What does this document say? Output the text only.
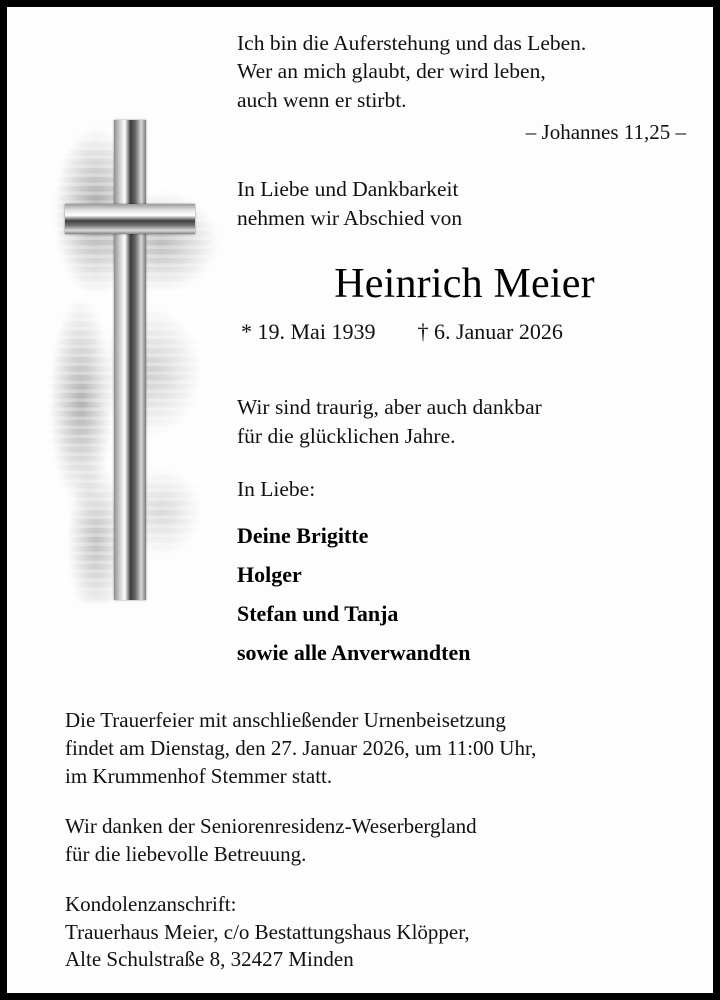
Ich bin die Auferstehung und das Leben.
Wer an mich glaubt, der wird leben,
auch wenn er stirbt.
– Johannes 11,25 –
In Liebe und Dankbarkeit
nehmen wir Abschied von
Heinrich Meier
* 19. Mai 1939 † 6. Januar 2026
Wir sind traurig, aber auch dankbar
für die glücklichen Jahre.
In Liebe:
Deine Brigitte
Holger
Stefan und Tanja
sowie alle Anverwandten
Die Trauerfeier mit anschließender Urnenbeisetzung
findet am Dienstag, den 27. Januar 2026, um 11:00 Uhr,
im Krummenhof Stemmer statt.
Wir danken der Seniorenresidenz-Weserbergland
für die liebevolle Betreuung.
Kondolenzanschrift:
Trauerhaus Meier, c/o Bestattungshaus Klöpper,
Alte Schulstraße 8, 32427 Minden
